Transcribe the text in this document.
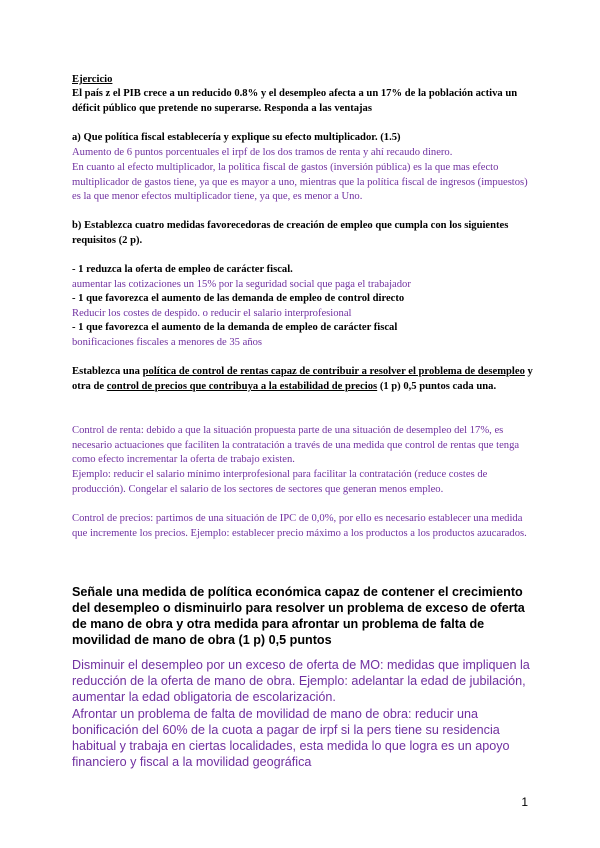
Ejercicio

El país z el PIB crece a un reducido 0.8% y el desempleo afecta a un 17% de la población activa un déficit público que pretende no superarse. Responda a las ventajas

a) Que política fiscal establecería y explique su efecto multiplicador. (1.5)

Aumento de 6 puntos porcentuales el irpf de los dos tramos de renta y ahí recaudo dinero.

En cuanto al efecto multiplicador, la política fiscal de gastos (inversión pública) es la que mas efecto multiplicador de gastos tiene, ya que es mayor a uno, mientras que la política fiscal de ingresos (impuestos) es la que menor efectos multiplicador tiene, ya que, es menor a Uno.

b) Establezca cuatro medidas favorecedoras de creación de empleo que cumpla con los siguientes requisitos (2 p).

- 1 reduzca la oferta de empleo de carácter fiscal.

aumentar las cotizaciones un 15% por la seguridad social que paga el trabajador

- 1 que favorezca el aumento de las demanda de empleo de control directo

Reducir los costes de despido. o reducir el salario interprofesional

- 1 que favorezca el aumento de la demanda de empleo de carácter fiscal

bonificaciones fiscales a menores de 35 años

Establezca una política de control de rentas capaz de contribuir a resolver el problema de desempleo y otra de control de precios que contribuya a la estabilidad de precios (1 p) 0,5 puntos cada una.

Control de renta: debido a que la situación propuesta parte de una situación de desempleo del 17%, es necesario actuaciones que faciliten la contratación a través de una medida que control de rentas que tenga como efecto incrementar la oferta de trabajo existen.

Ejemplo: reducir el salario mínimo interprofesional para facilitar la contratación (reduce costes de producción). Congelar el salario de los sectores de sectores que generan menos empleo.

Control de precios: partimos de una situación de IPC de 0,0%, por ello es necesario establecer una medida que incremente los precios. Ejemplo: establecer precio máximo a los productos a los productos azucarados.

Señale una medida de política económica capaz de contener el crecimiento del desempleo o disminuirlo para resolver un problema de exceso de oferta de mano de obra y otra medida para afrontar un problema de falta de movilidad de mano de obra (1 p) 0,5 puntos

Disminuir el desempleo por un exceso de oferta de MO: medidas que impliquen la reducción de la oferta de mano de obra. Ejemplo: adelantar la edad de jubilación, aumentar la edad obligatoria de escolarización.

Afrontar un problema de falta de movilidad de mano de obra: reducir una bonificación del 60% de la cuota a pagar de irpf si la pers tiene su residencia habitual y trabaja en ciertas localidades, esta medida lo que logra es un apoyo financiero y fiscal a la movilidad geográfica

1
